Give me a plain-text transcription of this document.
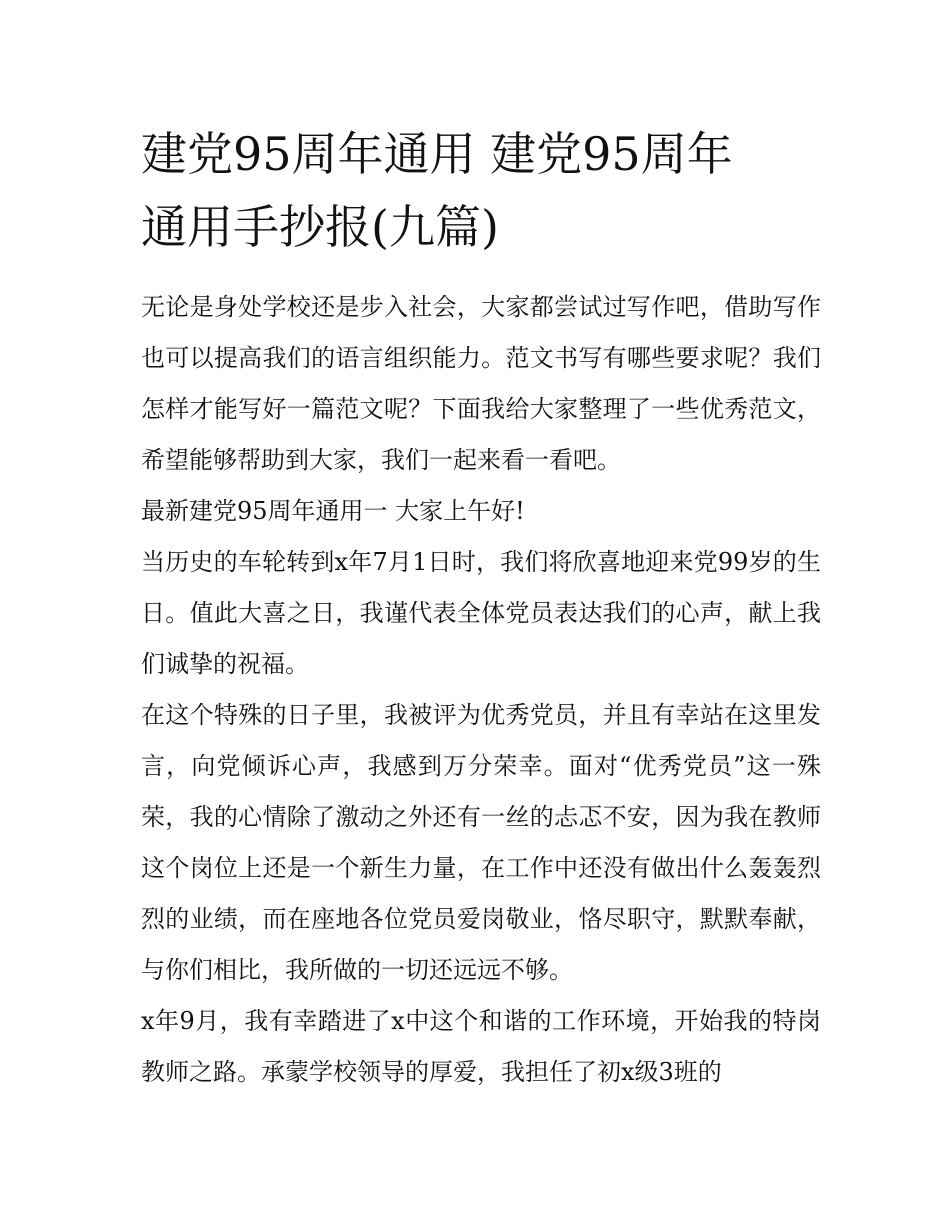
建党95周年通用 建党95周年
通用手抄报(九篇)

无论是身处学校还是步入社会，大家都尝试过写作吧，借助写作也可以提高我们的语言组织能力。范文书写有哪些要求呢？我们怎样才能写好一篇范文呢？下面我给大家整理了一些优秀范文，希望能够帮助到大家，我们一起来看一看吧。

最新建党95周年通用一 大家上午好!

当历史的车轮转到x年7月1日时，我们将欣喜地迎来党99岁的生日。值此大喜之日，我谨代表全体党员表达我们的心声，献上我们诚挚的祝福。

在这个特殊的日子里，我被评为优秀党员，并且有幸站在这里发言，向党倾诉心声，我感到万分荣幸。面对“优秀党员”这一殊荣，我的心情除了激动之外还有一丝的忐忑不安，因为我在教师这个岗位上还是一个新生力量，在工作中还没有做出什么轰轰烈烈的业绩，而在座地各位党员爱岗敬业，恪尽职守，默默奉献，与你们相比，我所做的一切还远远不够。

x年9月，我有幸踏进了x中这个和谐的工作环境，开始我的特岗教师之路。承蒙学校领导的厚爱，我担任了初x级3班的
